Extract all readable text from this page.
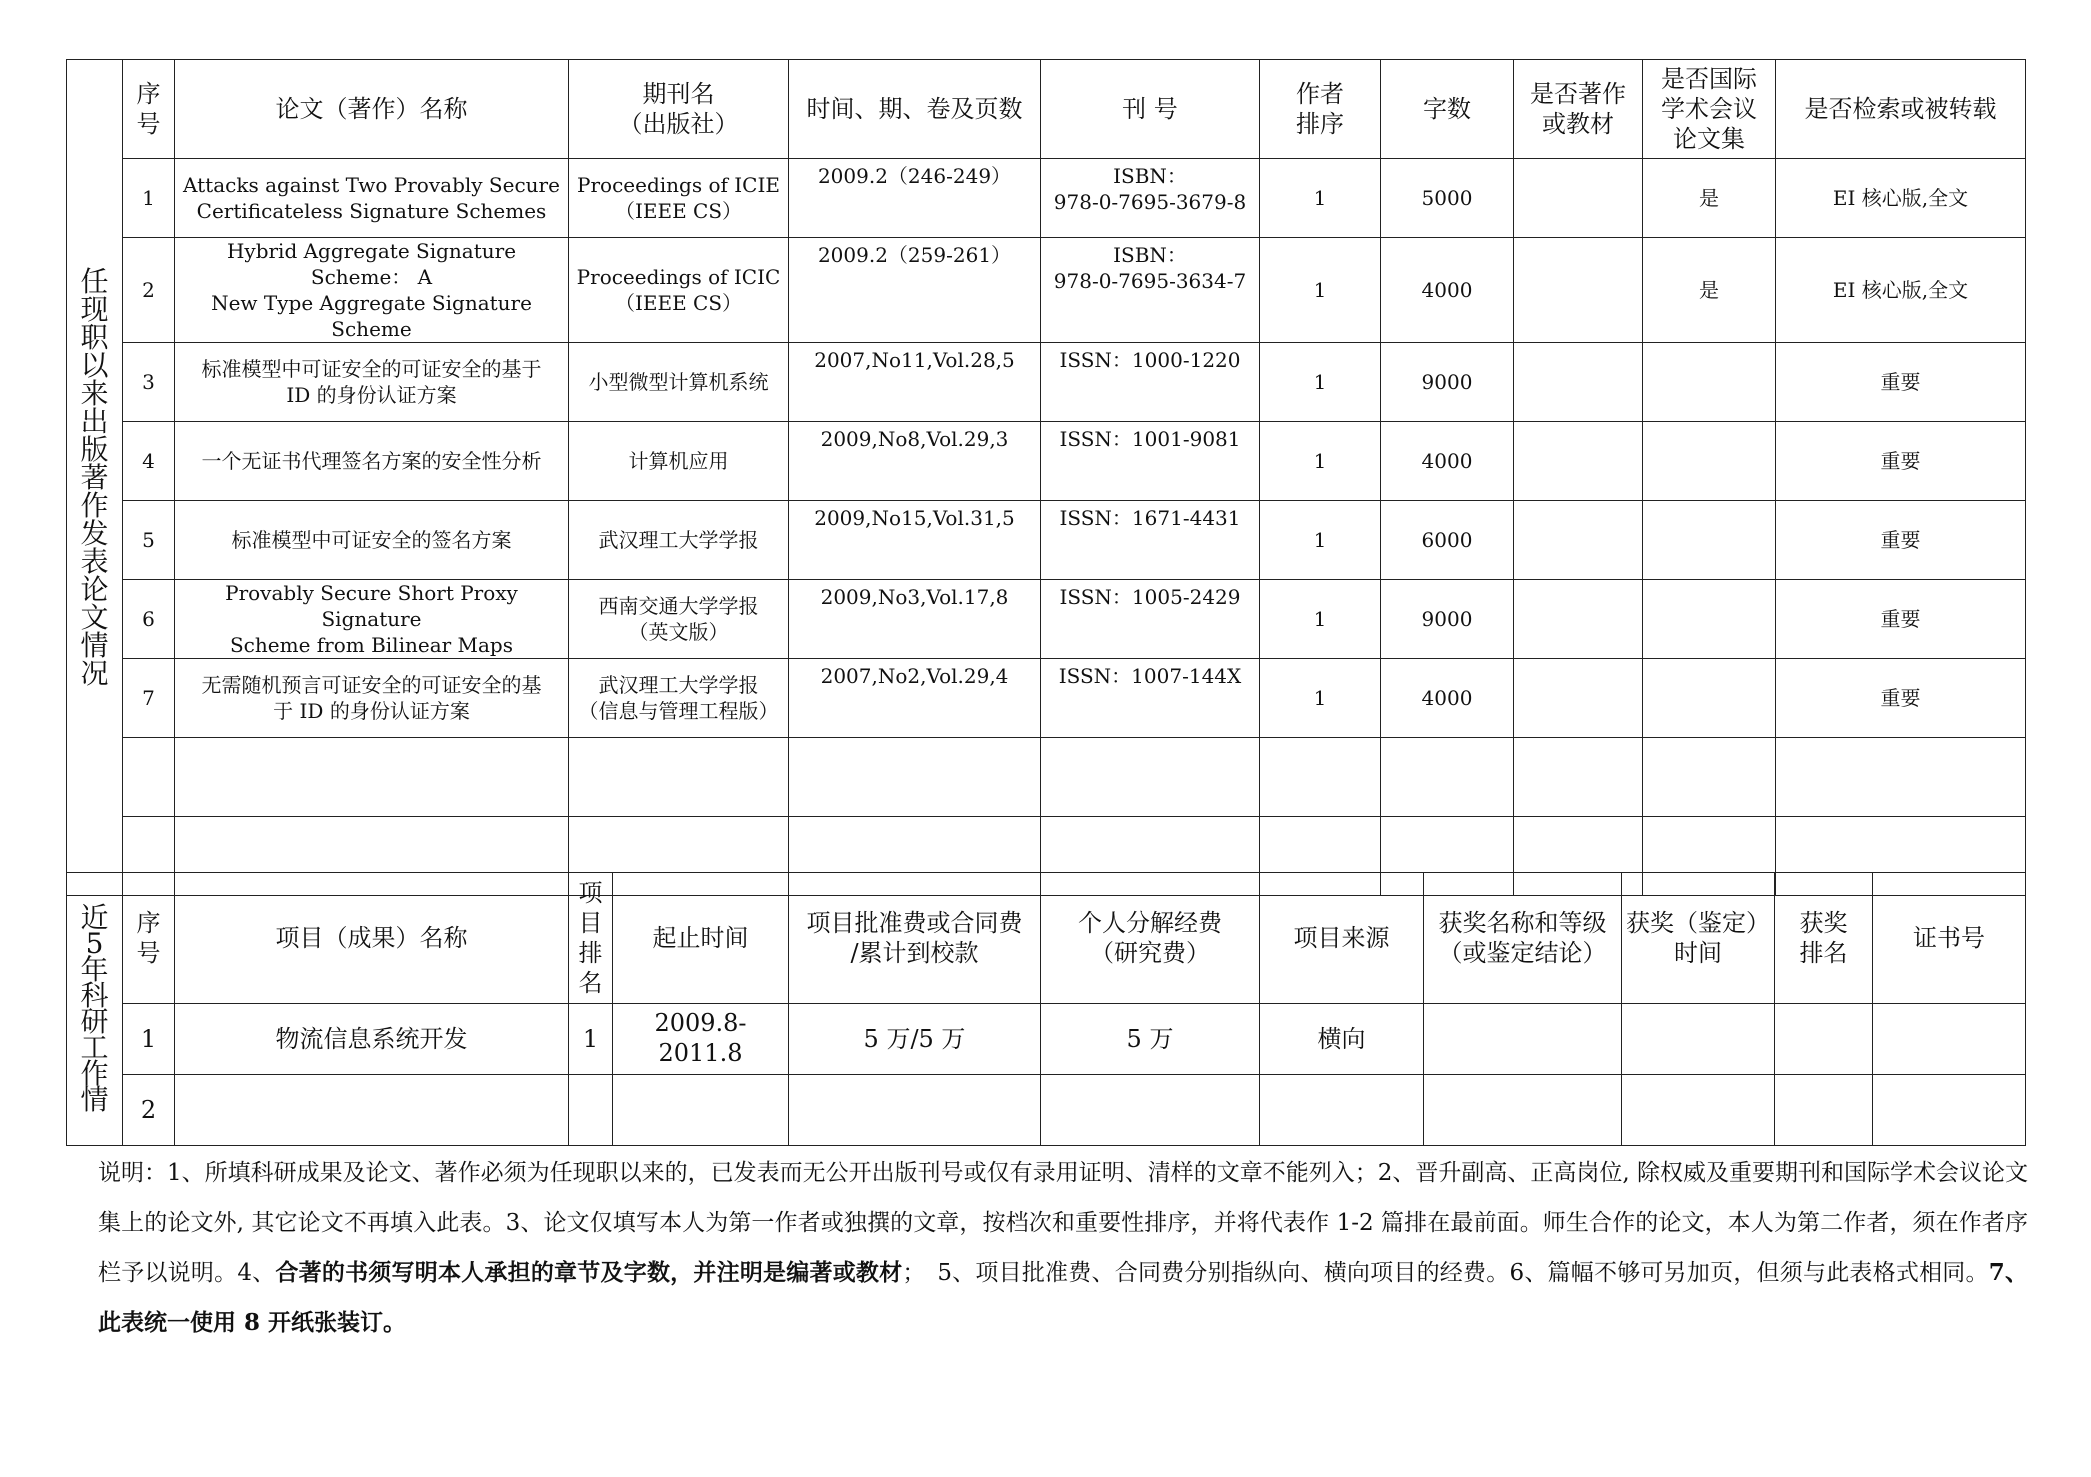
任现职以来出版著作 发表论文情况	序号	论文（著作）名称	期刊名
（出版社）	时间、期、卷及页数	刊 号	作者
排序	字数	是否著作
或教材	是否国际
学术会议
论文集	是否检索或被转载
	1	Attacks against Two Provably Secure
Certificateless Signature Schemes	Proceedings of ICIE
（IEEE CS）	2009.2（246-249）	ISBN：
978-0-7695-3679-8	1	5000		是	EI 核心版,全文
	2	Hybrid Aggregate Signature Scheme： A
New Type Aggregate Signature Scheme	Proceedings of ICIC
（IEEE CS）	2009.2（259-261）	ISBN：
978-0-7695-3634-7	1	4000		是	EI 核心版,全文
	3	标准模型中可证安全的可证安全的基于
ID 的身份认证方案	小型微型计算机系统	2007,No11,Vol.28,5	ISSN：1000-1220	1	9000			重要
	4	一个无证书代理签名方案的安全性分析	计算机应用	2009,No8,Vol.29,3	ISSN：1001-9081	1	4000			重要
	5	标准模型中可证安全的签名方案	武汉理工大学学报	2009,No15,Vol.31,5	ISSN：1671-4431	1	6000			重要
	6	Provably Secure Short Proxy Signature
Scheme from Bilinear Maps	西南交通大学学报
（英文版）	2009,No3,Vol.17,8	ISSN：1005-2429	1	9000			重要
	7	无需随机预言可证安全的可证安全的基
于 ID 的身份认证方案	武汉理工大学学报
（信息与管理工程版）	2007,No2,Vol.29,4	ISSN：1007-144X	1	4000			重要

近5年科研工作情	序号	项目（成果）名称	项目排名	起止时间	项目批准费或合同费
/累计到校款	个人分解经费
（研究费）	项目来源	获奖名称和等级
（或鉴定结论）	获奖（鉴定）
时间	获奖
排名	证书号
	1	物流信息系统开发	1	2009.8-2011.8	5 万/5 万	5 万	横向				
	2										
说明：1、所填科研成果及论文、著作必须为任现职以来的，已发表而无公开出版刊号或仅有录用证明、清样的文章不能列入；2、晋升副高、正高岗位, 除权威及重要期刊和国际学术会议论文集上的论文外, 其它论文不再填入此表。3、论文仅填写本人为第一作者或独撰的文章，按档次和重要性排序，并将代表作 1-2 篇排在最前面。师生合作的论文，本人为第二作者，须在作者序栏予以说明。4、合著的书须写明本人承担的章节及字数，并注明是编著或教材；　5、项目批准费、合同费分别指纵向、横向项目的经费。6、篇幅不够可另加页，但须与此表格式相同。7、此表统一使用 8 开纸张装订。
